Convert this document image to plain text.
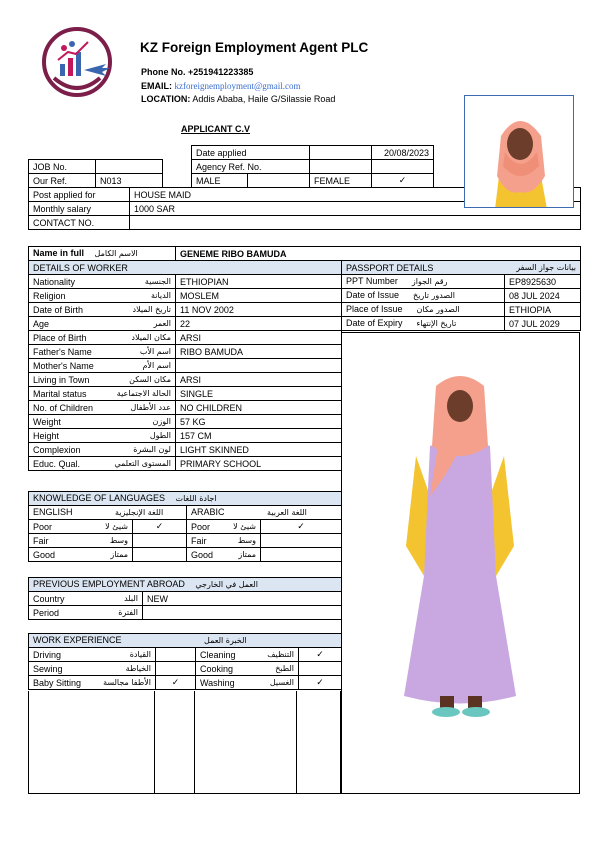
KZ Foreign Employment Agent PLC
Phone No. +251941223385
EMAIL: kzforeignemployment@gmail.com
LOCATION: Addis Ababa, Haile G/Silassie Road
APPLICANT C.V
Date applied			20/08/2023
Agency Ref. No.			
MALE		FEMALE	✓
JOB No.	
Our Ref.	N013
Post applied for	HOUSE MAID
Monthly salary	1000 SAR
CONTACT NO.	
Name in full الاسم الكامل	GENEME RIBO BAMUDA
DETAILS OF WORKER	

Nationality الجنسية	ETHIOPIAN

Religion الديانة	MOSLEM

Date of Birth تاريخ الميلاد	11 NOV 2002

Age العمر	22

Place of Birth مكان الميلاد	ARSI

Father's Name اسم الأب	RIBO BAMUDA

Mother's Name اسم الأم	

Living in Town مكان السكن	ARSI

Marital status الحالة الاجتماعية	SINGLE

No. of Children عدد الأطفال	NO CHILDREN

Weight الوزن	57 KG

Height الطول	157 CM

Complexion لون البشرة	LIGHT SKINNED

Educ. Qual. المستوى التعلمي	PRIMARY SCHOOL
PASSPORT DETAILS بيانات جواز السفر	

PPT Number رقم الجواز	EP8925630
Date of Issue الصدور تاريخ	08 JUL 2024
Place of Issue الصدور مكان	ETHIOPIA
Date of Expiry تاريخ الإنتهاء	07 JUL 2029
KNOWLEDGE OF LANGUAGES اجادة اللغات			
ENGLISH اللغة الإنجليزية		ARABIC اللغة العربية	

Poor شيئ لا	✓	Poor شيئ لا	✓

Fair وسط		Fair وسط	

Good ممتاز		Good ممتاز	

PREVIOUS EMPLOYMENT ABROAD العمل في الخارجي	

Country البلد	NEW

Period الفترة	

WORK EXPERIENCE الخبرة العمل			

Driving القيادة		Cleaning التنظيف	✓

Sewing الخياطة		Cooking الطبخ	

Baby Sitting الأطفا مجالسة	✓	Washing الغسيل	✓
